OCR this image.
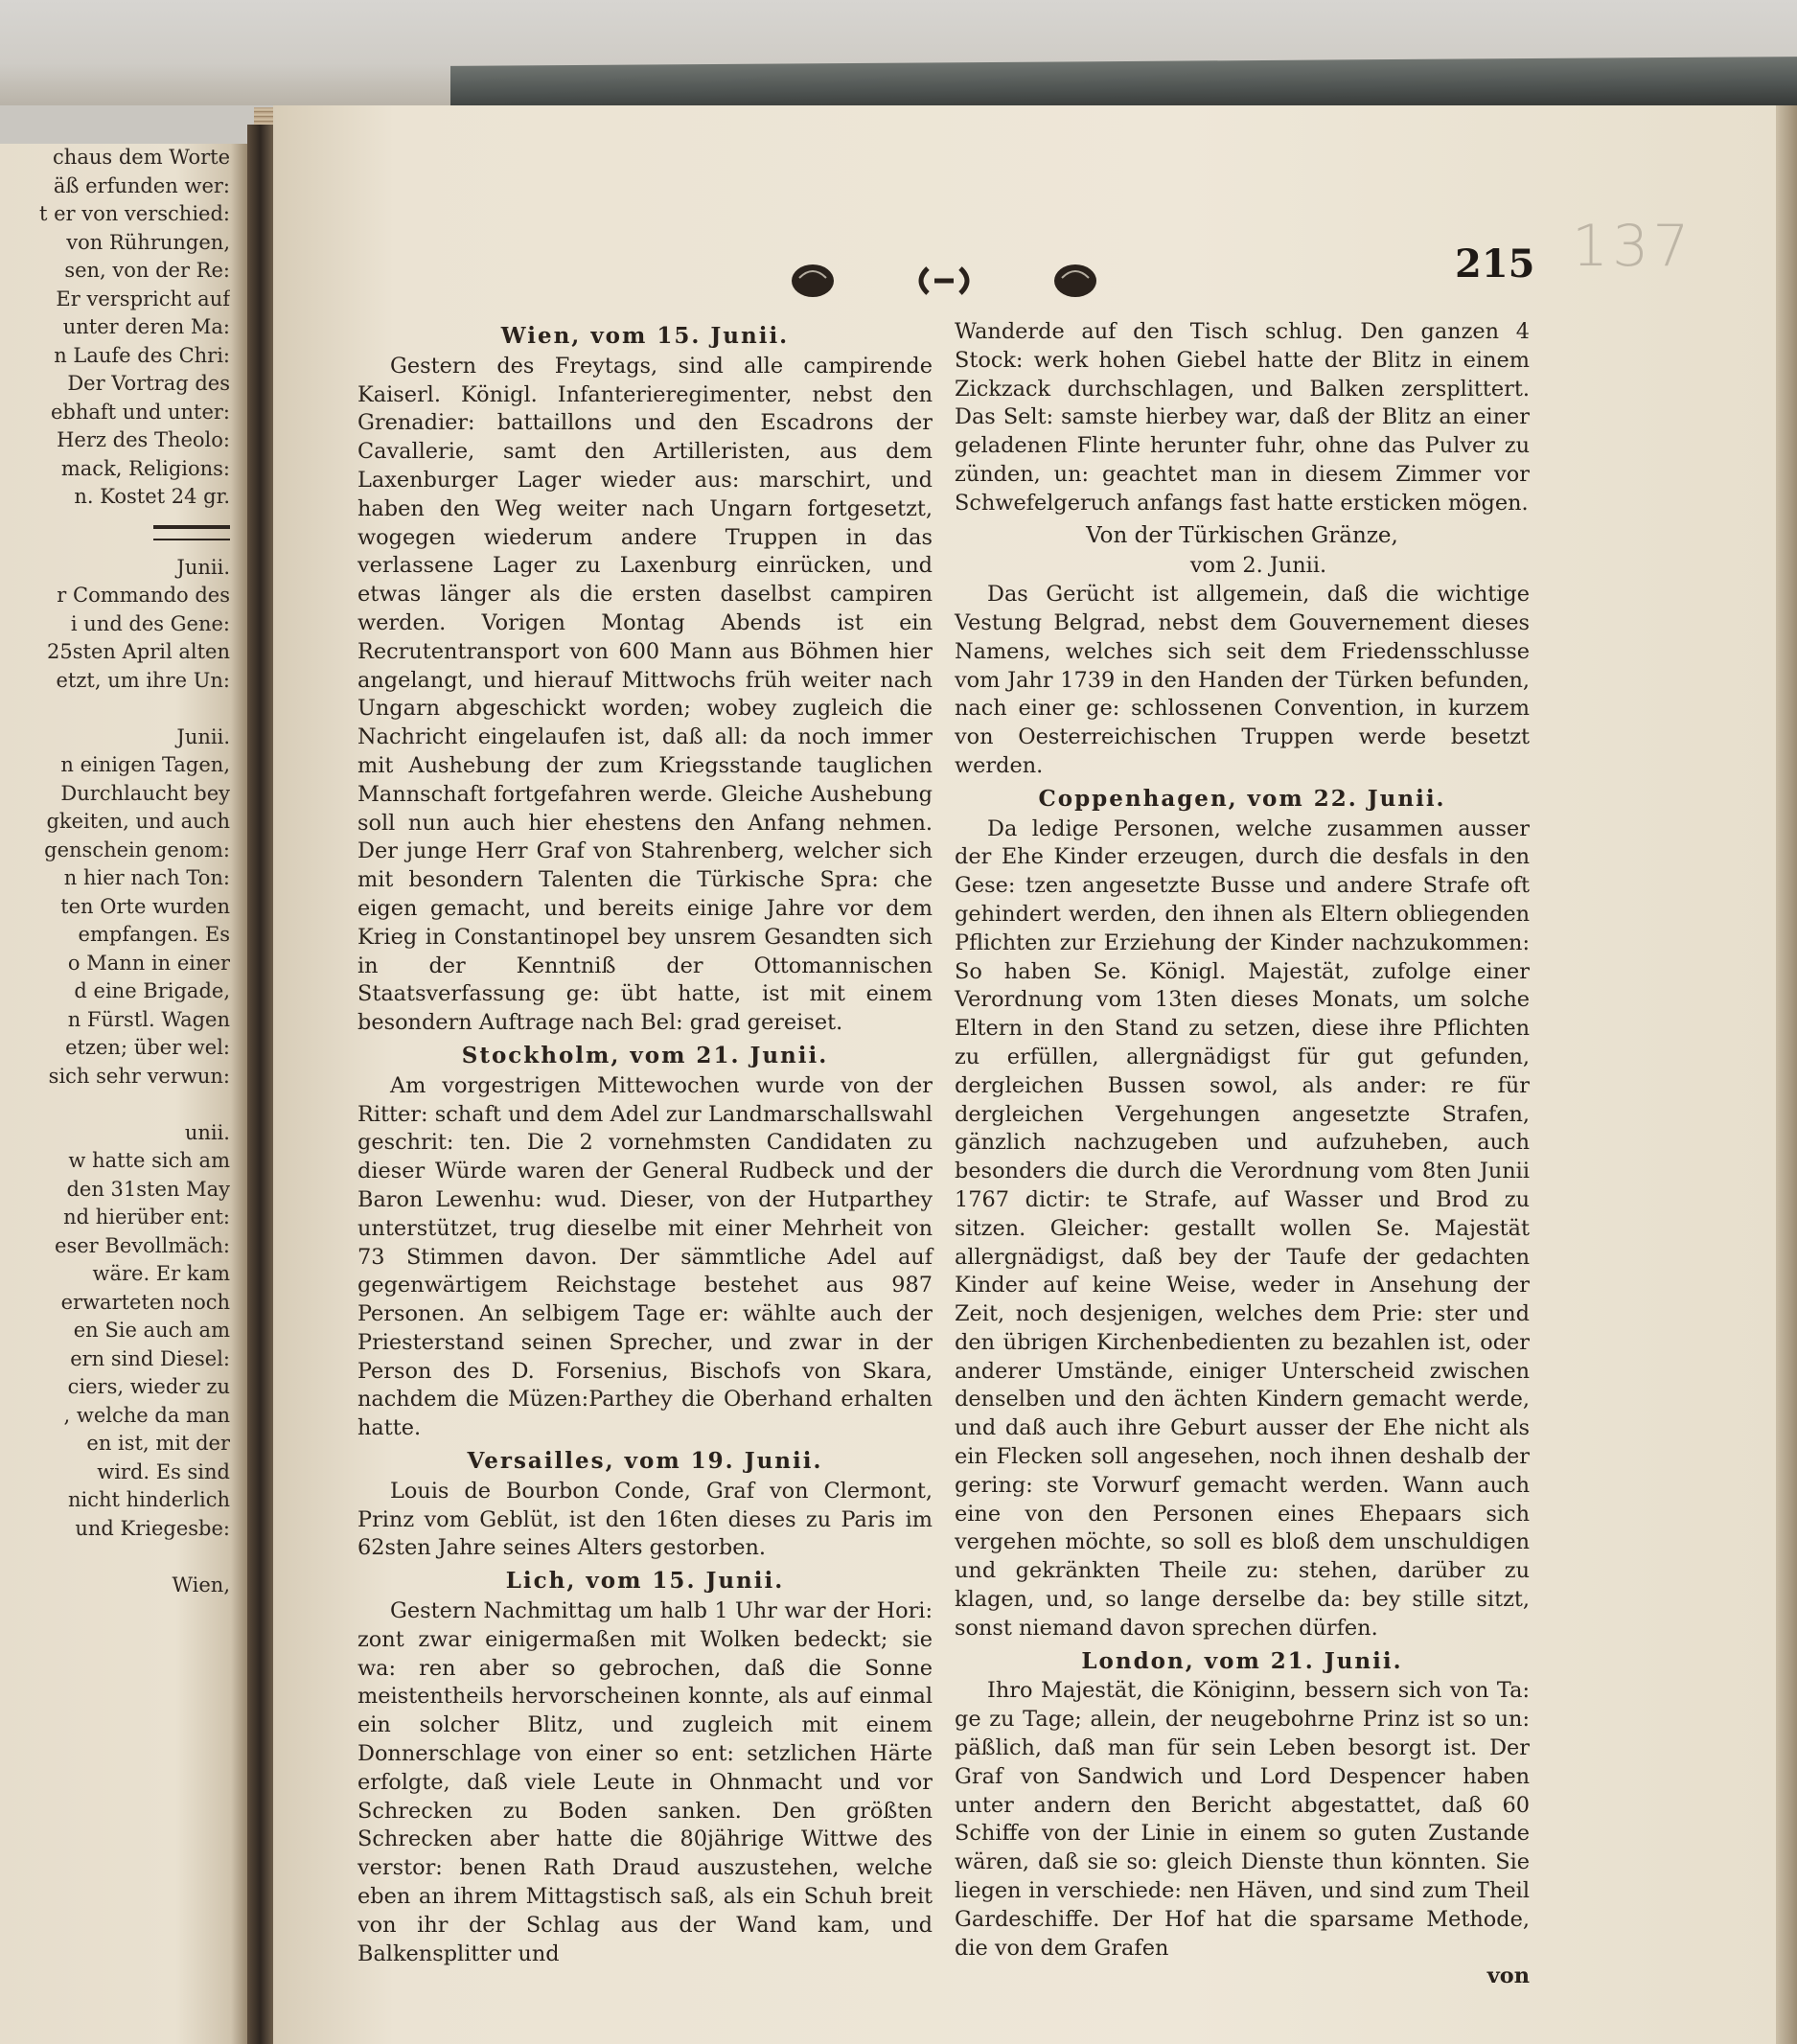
chaus dem Worte
äß erfunden wer:
t er von verschied:
von Rührungen,
sen, von der Re:
Er verspricht auf
unter deren Ma:
n Laufe des Chri:
Der Vortrag des
ebhaft und unter:
Herz des Theolo:
mack, Religions:
n. Kostet 24 gr.
Junii.
r Commando des
i und des Gene:
25sten April alten
etzt, um ihre Un:

Junii.
n einigen Tagen,
Durchlaucht bey
gkeiten, und auch
genschein genom:
n hier nach Ton:
ten Orte wurden
empfangen. Es
o Mann in einer
d eine Brigade,
n Fürstl. Wagen
etzen; über wel:
sich sehr verwun:

unii.
w hatte sich am
den 31sten May
nd hierüber ent:
eser Bevollmäch:
wäre. Er kam
erwarteten noch
en Sie auch am
ern sind Diesel:
ciers, wieder zu
, welche da man
en ist, mit der
wird. Es sind
nicht hinderlich
und Kriegesbe:

Wien,
215 137
Wien, vom 15. Junii.

Gestern des Freytags, sind alle campirende Kaiserl. Königl. Infanterieregimenter, nebst den Grenadier: battaillons und den Escadrons der Cavallerie, samt den Artilleristen, aus dem Laxenburger Lager wieder aus: marschirt, und haben den Weg weiter nach Ungarn fortgesetzt, wogegen wiederum andere Truppen in das verlassene Lager zu Laxenburg einrücken, und etwas länger als die ersten daselbst campiren werden. Vorigen Montag Abends ist ein Recrutentransport von 600 Mann aus Böhmen hier angelangt, und hierauf Mittwochs früh weiter nach Ungarn abgeschickt worden; wobey zugleich die Nachricht eingelaufen ist, daß all: da noch immer mit Aushebung der zum Kriegsstande tauglichen Mannschaft fortgefahren werde. Gleiche Aushebung soll nun auch hier ehestens den Anfang nehmen. Der junge Herr Graf von Stahrenberg, welcher sich mit besondern Talenten die Türkische Spra: che eigen gemacht, und bereits einige Jahre vor dem Krieg in Constantinopel bey unsrem Gesandten sich in der Kenntniß der Ottomannischen Staatsverfassung ge: übt hatte, ist mit einem besondern Auftrage nach Bel: grad gereiset.

Stockholm, vom 21. Junii.

Am vorgestrigen Mittewochen wurde von der Ritter: schaft und dem Adel zur Landmarschallswahl geschrit: ten. Die 2 vornehmsten Candidaten zu dieser Würde waren der General Rudbeck und der Baron Lewenhu: wud. Dieser, von der Hutparthey unterstützet, trug dieselbe mit einer Mehrheit von 73 Stimmen davon. Der sämmtliche Adel auf gegenwärtigem Reichstage bestehet aus 987 Personen. An selbigem Tage er: wählte auch der Priesterstand seinen Sprecher, und zwar in der Person des D. Forsenius, Bischofs von Skara, nachdem die Müzen:Parthey die Oberhand erhalten hatte.

Versailles, vom 19. Junii.

Louis de Bourbon Conde, Graf von Clermont, Prinz vom Geblüt, ist den 16ten dieses zu Paris im 62sten Jahre seines Alters gestorben.

Lich, vom 15. Junii.

Gestern Nachmittag um halb 1 Uhr war der Hori: zont zwar einigermaßen mit Wolken bedeckt; sie wa: ren aber so gebrochen, daß die Sonne meistentheils hervorscheinen konnte, als auf einmal ein solcher Blitz, und zugleich mit einem Donnerschlage von einer so ent: setzlichen Härte erfolgte, daß viele Leute in Ohnmacht und vor Schrecken zu Boden sanken. Den größten Schrecken aber hatte die 80jährige Wittwe des verstor: benen Rath Draud auszustehen, welche eben an ihrem Mittagstisch saß, als ein Schuh breit von ihr der Schlag aus der Wand kam, und Balkensplitter und

Wanderde auf den Tisch schlug. Den ganzen 4 Stock: werk hohen Giebel hatte der Blitz in einem Zickzack durchschlagen, und Balken zersplittert. Das Selt: samste hierbey war, daß der Blitz an einer geladenen Flinte herunter fuhr, ohne das Pulver zu zünden, un: geachtet man in diesem Zimmer vor Schwefelgeruch anfangs fast hatte ersticken mögen.

Von der Türkischen Gränze,

vom 2. Junii.

Das Gerücht ist allgemein, daß die wichtige Vestung Belgrad, nebst dem Gouvernement dieses Namens, welches sich seit dem Friedensschlusse vom Jahr 1739 in den Handen der Türken befunden, nach einer ge: schlossenen Convention, in kurzem von Oesterreichischen Truppen werde besetzt werden.

Coppenhagen, vom 22. Junii.

Da ledige Personen, welche zusammen ausser der Ehe Kinder erzeugen, durch die desfals in den Gese: tzen angesetzte Busse und andere Strafe oft gehindert werden, den ihnen als Eltern obliegenden Pflichten zur Erziehung der Kinder nachzukommen: So haben Se. Königl. Majestät, zufolge einer Verordnung vom 13ten dieses Monats, um solche Eltern in den Stand zu setzen, diese ihre Pflichten zu erfüllen, allergnädigst für gut gefunden, dergleichen Bussen sowol, als ander: re für dergleichen Vergehungen angesetzte Strafen, gänzlich nachzugeben und aufzuheben, auch besonders die durch die Verordnung vom 8ten Junii 1767 dictir: te Strafe, auf Wasser und Brod zu sitzen. Gleicher: gestallt wollen Se. Majestät allergnädigst, daß bey der Taufe der gedachten Kinder auf keine Weise, weder in Ansehung der Zeit, noch desjenigen, welches dem Prie: ster und den übrigen Kirchenbedienten zu bezahlen ist, oder anderer Umstände, einiger Unterscheid zwischen denselben und den ächten Kindern gemacht werde, und daß auch ihre Geburt ausser der Ehe nicht als ein Flecken soll angesehen, noch ihnen deshalb der gering: ste Vorwurf gemacht werden. Wann auch eine von den Personen eines Ehepaars sich vergehen möchte, so soll es bloß dem unschuldigen und gekränkten Theile zu: stehen, darüber zu klagen, und, so lange derselbe da: bey stille sitzt, sonst niemand davon sprechen dürfen.

London, vom 21. Junii.

Ihro Majestät, die Königinn, bessern sich von Ta: ge zu Tage; allein, der neugebohrne Prinz ist so un: päßlich, daß man für sein Leben besorgt ist. Der Graf von Sandwich und Lord Despencer haben unter andern den Bericht abgestattet, daß 60 Schiffe von der Linie in einem so guten Zustande wären, daß sie so: gleich Dienste thun könnten. Sie liegen in verschiede: nen Häven, und sind zum Theil Gardeschiffe. Der Hof hat die sparsame Methode, die von dem Grafen

von
